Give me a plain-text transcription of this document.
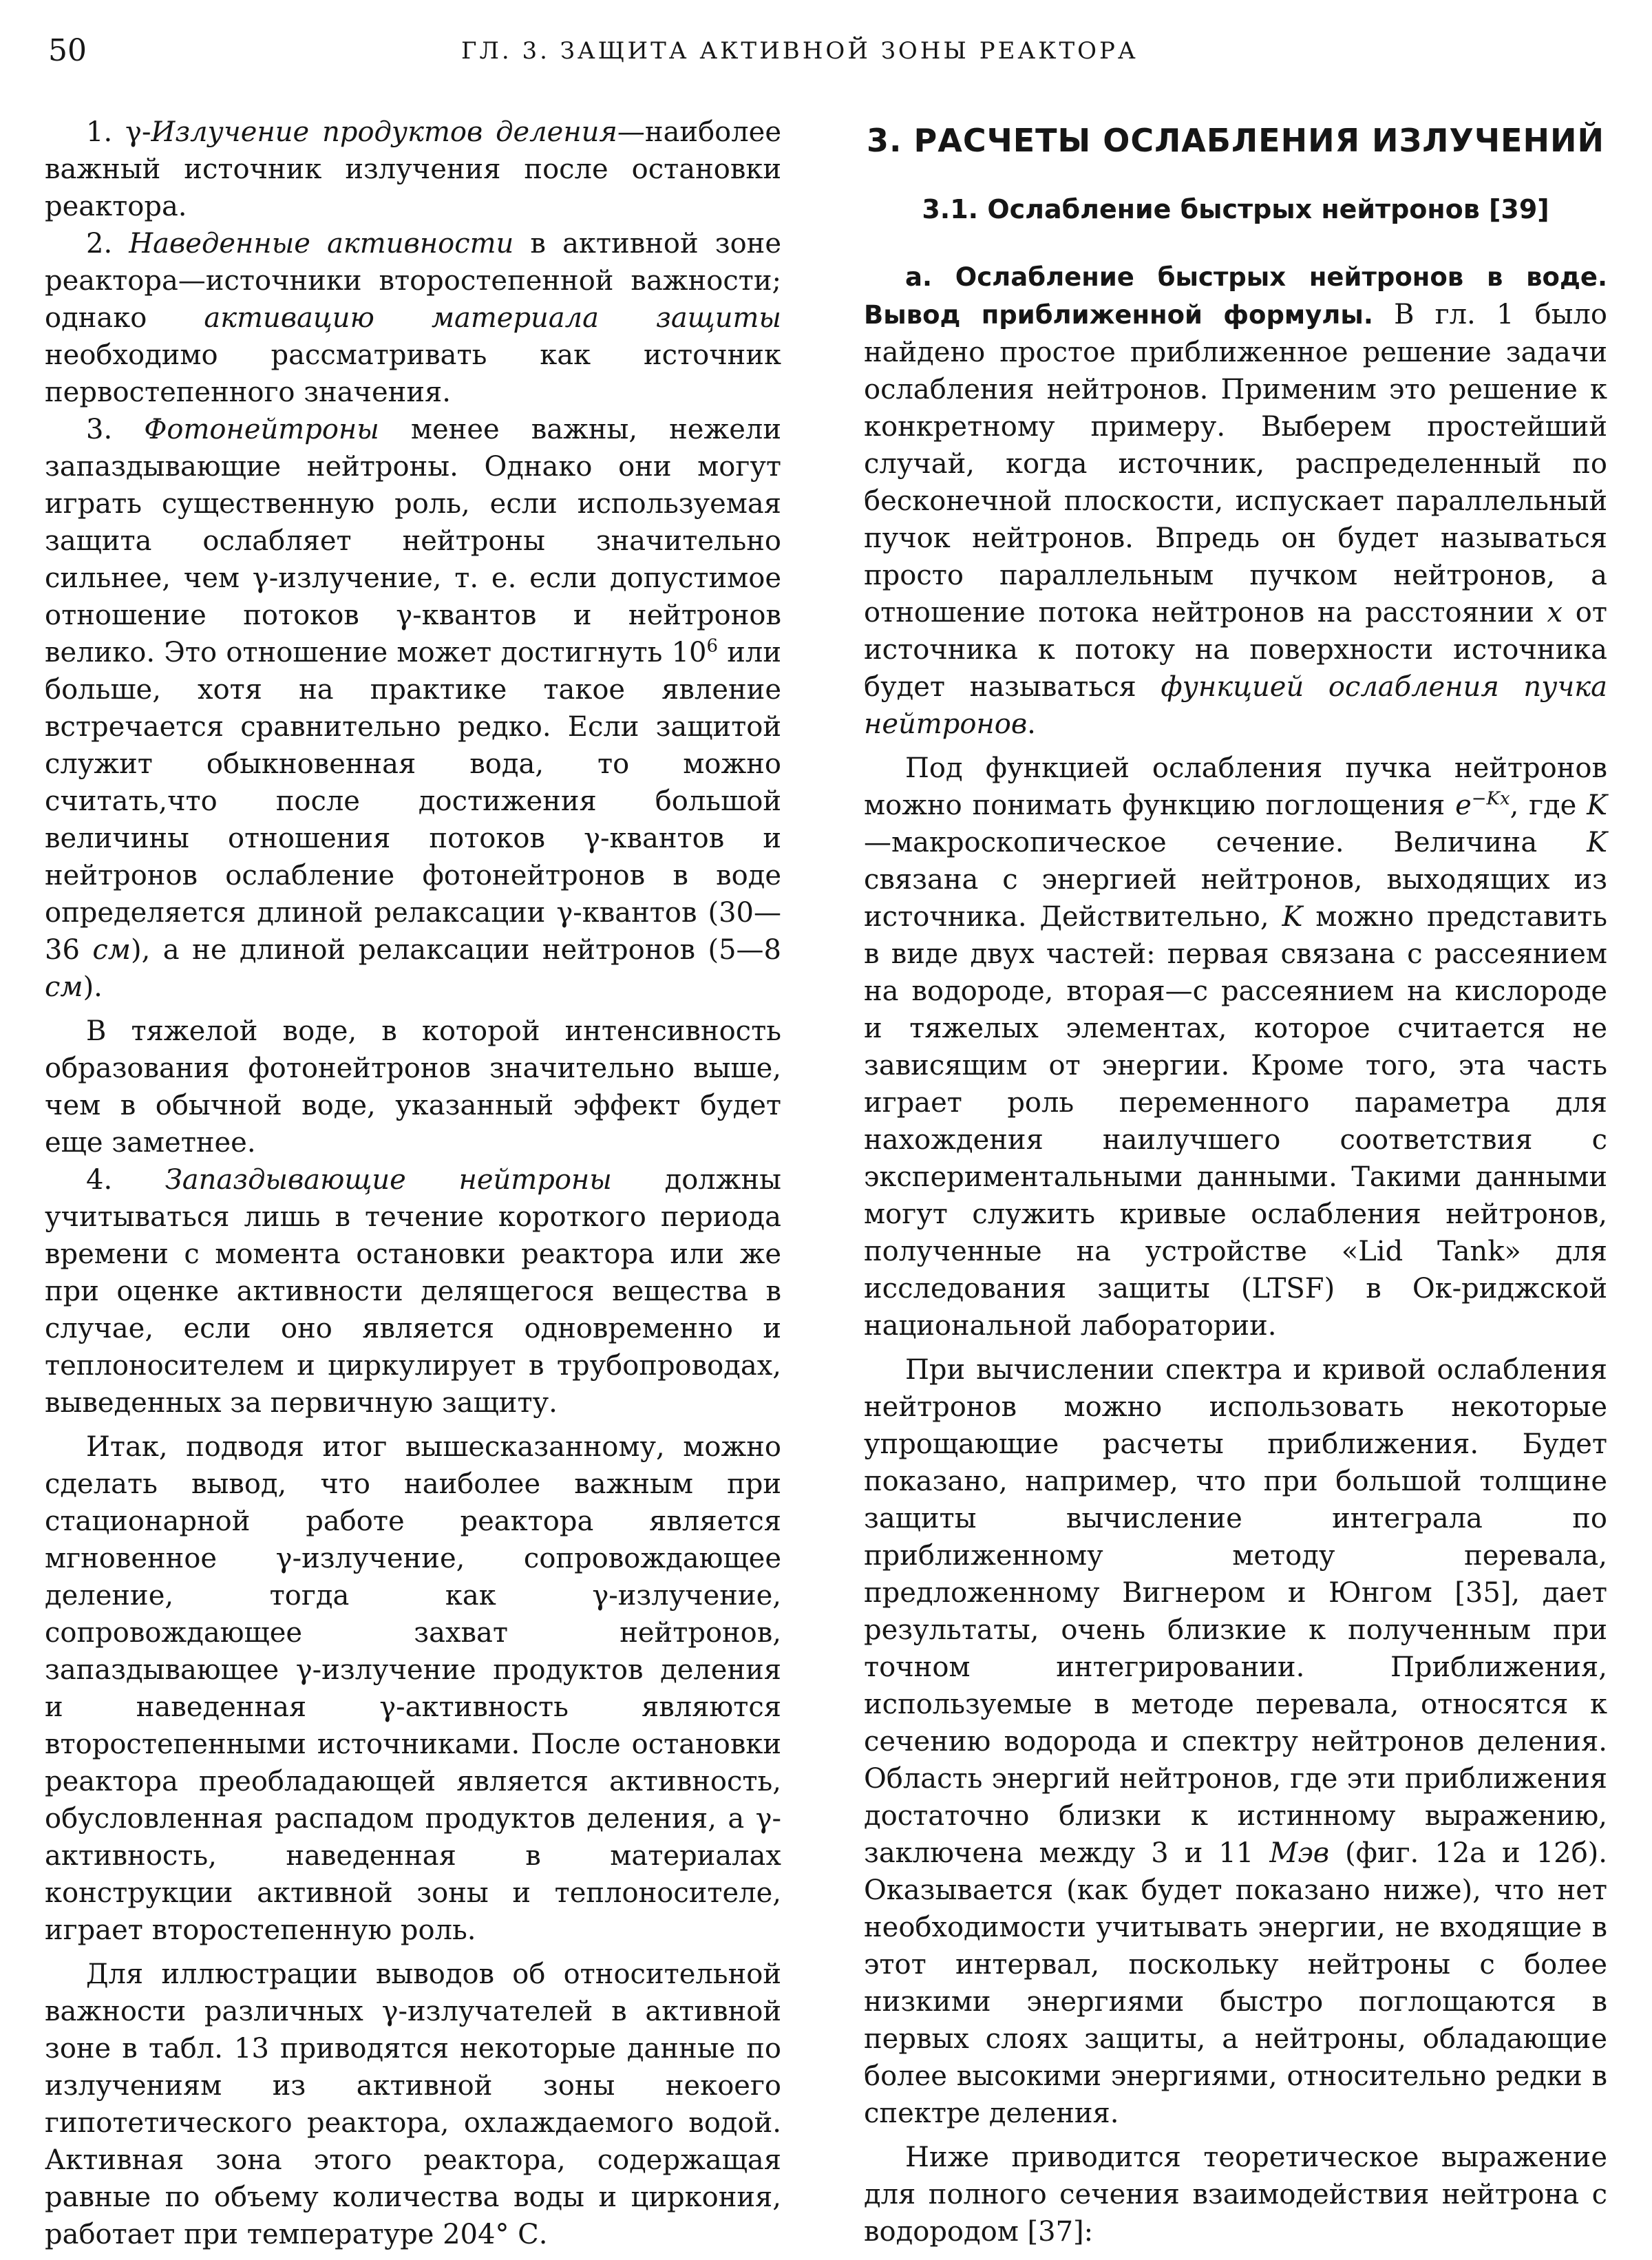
50	ГЛ. 3. ЗАЩИТА АКТИВНОЙ ЗОНЫ РЕАКТОРА

1. γ-Излучение продуктов деления—наиболее важный источник излучения после остановки реактора.

2. Наведенные активности в активной зоне реактора—источники второстепенной важности; однако активацию материала защиты необходимо рассматривать как источник первостепенного значения.

3. Фотонейтроны менее важны, нежели запаздывающие нейтроны. Однако они могут играть существенную роль, если используемая защита ослабляет нейтроны значительно сильнее, чем γ-излучение, т. е. если допустимое отношение потоков γ-квантов и нейтронов велико. Это отношение может достигнуть $10^6$ или больше, хотя на практике такое явление встречается сравнительно редко. Если защитой служит обыкновенная вода, то можно считать,что после достижения большой величины отношения потоков γ-квантов и нейтронов ослабление фотонейтронов в воде определяется длиной релаксации γ-квантов (30—36 см), а не длиной релаксации нейтронов (5—8 см).

В тяжелой воде, в которой интенсивность образования фотонейтронов значительно выше, чем в обычной воде, указанный эффект будет еще заметнее.

4. Запаздывающие нейтроны должны учитываться лишь в течение короткого периода времени с момента остановки реактора или же при оценке активности делящегося вещества в случае, если оно является одновременно и теплоносителем и циркулирует в трубопроводах, выведенных за первичную защиту.

Итак, подводя итог вышесказанному, можно сделать вывод, что наиболее важным при стационарной работе реактора является мгновенное γ-излучение, сопровождающее деление, тогда как γ-излучение, сопровождающее захват нейтронов, запаздывающее γ-излучение продуктов деления и наведенная γ-активность являются второстепенными источниками. После остановки реактора преобладающей является активность, обусловленная распадом продуктов деления, а γ-активность, наведенная в материалах конструкции активной зоны и теплоносителе, играет второстепенную роль.

Для иллюстрации выводов об относительной важности различных γ-излучателей в активной зоне в табл. 13 приводятся некоторые данные по излучениям из активной зоны некоего гипотетического реактора, охлаждаемого водой. Активная зона этого реактора, содержащая равные по объему количества воды и циркония, работает при температуре 204° С.

3. РАСЧЕТЫ ОСЛАБЛЕНИЯ ИЗЛУЧЕНИЙ
3.1. Ослабление быстрых нейтронов [39]

а. Ослабление быстрых нейтронов в воде. Вывод приближенной формулы. В гл. 1 было найдено простое приближенное решение задачи ослабления нейтронов. Применим это решение к конкретному примеру. Выберем простейший случай, когда источник, распределенный по бесконечной плоскости, испускает параллельный пучок нейтронов. Впредь он будет называться просто параллельным пучком нейтронов, а отношение потока нейтронов на расстоянии x от источника к потоку на поверхности источника будет называться функцией ослабления пучка нейтронов.

Под функцией ослабления пучка нейтронов можно понимать функцию поглощения $e^{-Kx}$, где K—макроскопическое сечение. Величина K связана с энергией нейтронов, выходящих из источника. Действительно, K можно представить в виде двух частей: первая связана с рассеянием на водороде, вторая—с рассеянием на кислороде и тяжелых элементах, которое считается не зависящим от энергии. Кроме того, эта часть играет роль переменного параметра для нахождения наилучшего соответствия с экспериментальными данными. Такими данными могут служить кривые ослабления нейтронов, полученные на устройстве «Lid Tank» для исследования защиты (LTSF) в Ок-риджской национальной лаборатории.

При вычислении спектра и кривой ослабления нейтронов можно использовать некоторые упрощающие расчеты приближения. Будет показано, например, что при большой толщине защиты вычисление интеграла по приближенному методу перевала, предложенному Вигнером и Юнгом [35], дает результаты, очень близкие к полученным при точном интегрировании. Приближения, используемые в методе перевала, относятся к сечению водорода и спектру нейтронов деления. Область энергий нейтронов, где эти приближения достаточно близки к истинному выражению, заключена между 3 и 11 Мэв (фиг. 12а и 12б). Оказывается (как будет показано ниже), что нет необходимости учитывать энергии, не входящие в этот интервал, поскольку нейтроны с более низкими энергиями быстро поглощаются в первых слоях защиты, а нейтроны, обладающие более высокими энергиями, относительно редки в спектре деления.

Ниже приводится теоретическое выражение для полного сечения взаимодействия нейтрона с водородом [37]:
